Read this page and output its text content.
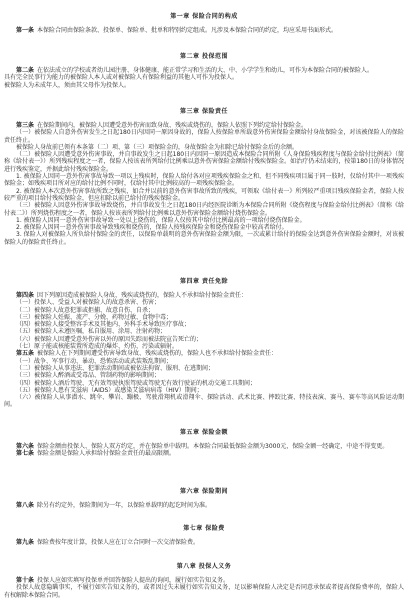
第一章 保险合同的构成

第一条 本保险合同由保险条款、投保单、保险单、批单和特别约定组成。凡涉及本保险合同的约定，均应采用书面形式。

第二章 投保范围

第二条 在依法成立的学校或者幼儿园注册、身体健康、能正常学习和生活的大、中、小学学生和幼儿，可作为本保险合同的被保险人。

具有完全民事行为能力的被保险人本人或对被保险人有保险利益的其他人可作为投保人。

被保险人为未成年人，须由其父母作为投保人。

第三章 保险责任

第三条 在保险期间内，被保险人因遭受意外伤害而致身故、残疾或烧伤的，保险人依照下列约定给付保险金。

（一）被保险人自意外伤害发生之日起180日内因同一原因身故的，保险人按保险单所载意外伤害保险金额给付身故保险金，对该被保险人的保险责任终止。

被保险人身故前已领有本条第（二）项、第（三）项保险金的，身故保险金为扣除已给付保险金后的余额。

（二）被保险人因遭受意外伤害事故，并自事故发生之日起180日内因同一原因造成本保险合同所附《人身保险残疾程度与保险金给付比例表》（简称《给付表一》）所列残疾程度之一者，保险人按该表所列给付比例乘以意外伤害保险金额给付残疾保险金。如治疗仍未结束的，按第180日的身体情况进行残疾鉴定，并据此给付残疾保险金。

1. 被保险人因同一意外伤害事故导致一项以上残疾时，保险人给付各对应项残疾保险金之和，但不同残疾项目属于同一肢时，仅给付其中一项残疾保险金；如残疾项目所对应的给付比例不同时，仅给付其中比例较高的一项残疾保险金。

2. 被保险人本次意外伤害事故所致之残疾，如合并以前的意外伤害事故所致的残疾，可领取《给付表一》所列较严重项目残疾保险金者，保险人按较严重的项目给付残疾保险金，但应扣除以前已给付的残疾保险金。

（三）被保险人因意外伤害事故导致烧伤，并自事故发生之日起180日内经医院诊断为本保险合同所附《烧伤程度与保险金给付比例表》（简称《给付表二》）所列烧伤程度之一者，保险人按该表所列给付比例乘以意外伤害保险金额给付烧伤保险金。

1. 被保险人因同一意外伤害事故导致一处以上烧伤的，保险人仅按其中给付比例最高的一项给付烧伤保险金。

2. 被保险人因同一意外伤害事故导致残疾和烧伤的，保险人按残疾保险金和烧伤保险金中较高者给付。

3. 保险人对被保险人所负给付保险金的责任，以保险单载明的意外伤害保险金额为限，一次或累计给付的保险金达到意外伤害保险金额时，对该被保险人的保险责任终止。

第四章 责任免除

第四条 因下列原因造成被保险人身故、残疾或烧伤的，保险人不承担给付保险金责任：

（一）投保人、受益人对被保险人的故意杀害、伤害；

（二）被保险人故意犯罪或拒捕、故意自伤、自杀；

（三）被保险人妊娠、流产、分娩、药物过敏、食物中毒；

（四）被保险人接受整容手术及其他内、外科手术导致医疗事故；

（五）被保险人未遵医嘱，私自服用、涂用、注射药物；

（六）被保险人因遭受意外伤害以外的原因失踪而被法院宣告死亡的；

（七）原子能或核能装置所造成的爆炸、灼伤、污染或辐射。

第五条 被保险人在下列期间遭受伤害导致身故、残疾或烧伤的，保险人也不承担给付保险金责任：

（一）战争、军事行动、暴动、恐怖活动或武装叛乱期间；

（二）被保险人从事违法、犯罪活动期间或被依法拘留、服刑、在逃期间；

（三）被保险人醉酒或受毒品、管制药物的影响期间；

（四）被保险人酒后驾驶、无有效驾驶执照驾驶或驾驶无有效行驶证的机动交通工具期间；

（五）被保险人患有艾滋病（AIDS）或感染艾滋病病毒（HIV）期间；

（六）被保险人从事潜水、跳伞、攀岩、蹦极、驾驶滑翔机或滑翔伞、探险活动、武术比赛、摔跤比赛、特技表演、赛马、赛车等高风险运动期间。

第五章 保险金额

第六条 保险金额由投保人、保险人双方约定，并在保险单中载明。本保险合同最低保险金额为3000元，保险金额一经确定，中途不得变更。

第七条 保险金额是保险人承担给付保险金责任的最高限额。

第六章 保险期间

第八条 除另有约定外，保险期间为一年，以保险单载明的起讫时间为准。

第七章 保险费

第九条 保险费按年度计算，投保人应在订立合同时一次交清保险费。

第八章 投保人义务

第十条 投保人应如实填写投保单并回答保险人提出的询问，履行如实告知义务。

投保人故意隐瞒事实，不履行如实告知义务的，或者因过失未履行如实告知义务，足以影响保险人决定是否同意承保或者提高保险费率的，保险人有权解除本保险合同。
